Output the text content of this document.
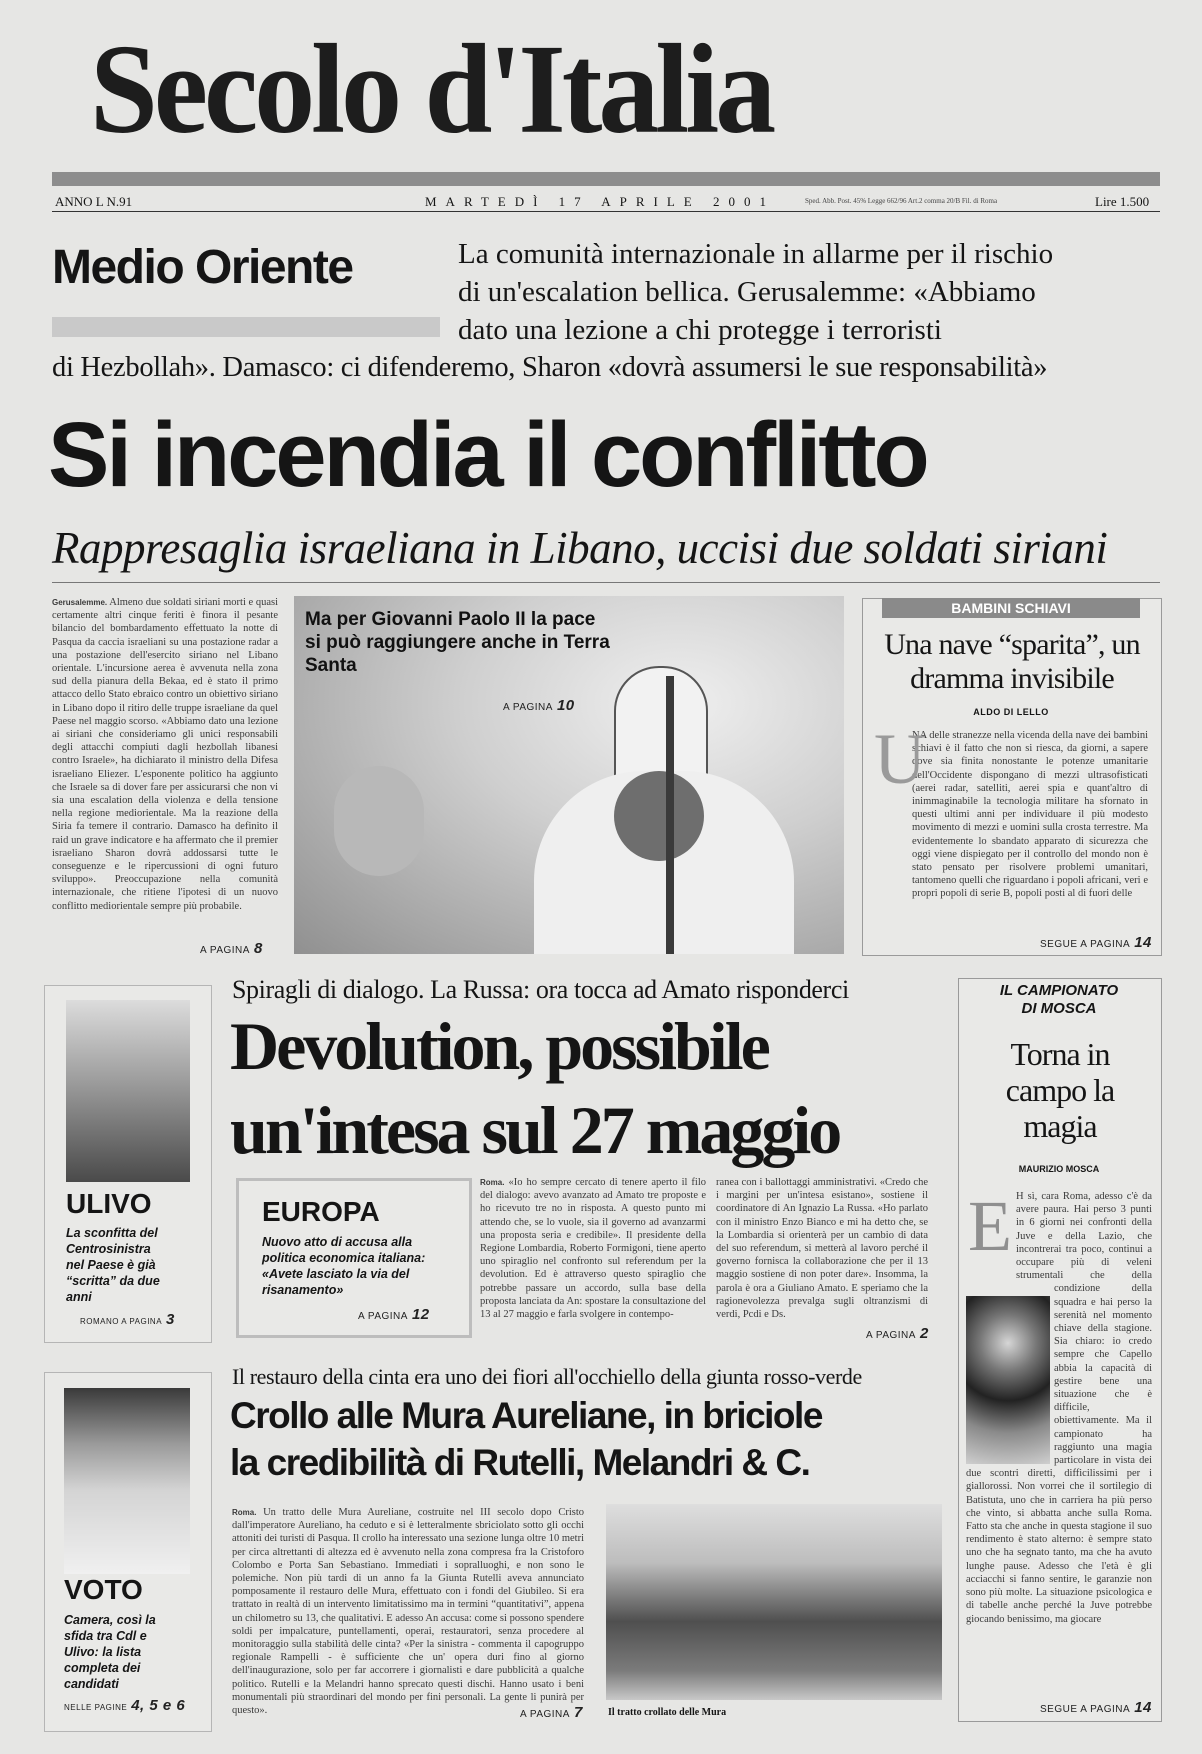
Secolo d'Italia
ANNO L N.91	MARTEDÌ 17 APRILE 2001	Sped. Abb. Post. 45% Legge 662/96 Art.2 comma 20/B Fil. di Roma	Lire 1.500
Medio Oriente	La comunità internazionale in allarme per il rischio
di un'escalation bellica. Gerusalemme: «Abbiamo
dato una lezione a chi protegge i terroristi
di Hezbollah». Damasco: ci difenderemo, Sharon «dovrà assumersi le sue responsabilità»
Si incendia il conflitto
Rappresaglia israeliana in Libano, uccisi due soldati siriani
Gerusalemme. Almeno due soldati siriani morti e quasi certamente altri cinque feriti è finora il pesante bilancio del bombardamento effettuato la notte di Pasqua da caccia israeliani su una postazione radar a una postazione dell'esercito siriano nel Libano orientale. L'incursione aerea è avvenuta nella zona sud della pianura della Bekaa, ed è stato il primo attacco dello Stato ebraico contro un obiettivo siriano in Libano dopo il ritiro delle truppe israeliane da quel Paese nel maggio scorso. «Abbiamo dato una lezione ai siriani che consideriamo gli unici responsabili degli attacchi compiuti dagli hezbollah libanesi contro Israele», ha dichiarato il ministro della Difesa israeliano Eliezer. L'esponente politico ha aggiunto che Israele sa di dover fare per assicurarsi che non vi sia una escalation della violenza e della tensione nella regione mediorientale. Ma la reazione della Siria fa temere il contrario. Damasco ha definito il raid un grave indicatore e ha affermato che il premier israeliano Sharon dovrà addossarsi tutte le conseguenze e le ripercussioni di ogni futuro sviluppo». Preoccupazione nella comunità internazionale, che ritiene l'ipotesi di un nuovo conflitto mediorientale sempre più probabile.
A PAGINA 8
Ma per Giovanni Paolo II la pace si può raggiungere anche in Terra Santa
A PAGINA 10
BAMBINI SCHIAVI
Una nave “sparita”, un dramma invisibile
ALDO DI LELLO
NA delle stranezze nella vicenda della nave dei bambini schiavi è il fatto che non si riesca, da giorni, a sapere dove sia finita nonostante le potenze umanitarie dell'Occidente dispongano di mezzi ultrasofisticati (aerei radar, satelliti, aerei spia e quant'altro di inimmaginabile la tecnologia militare ha sfornato in questi ultimi anni per individuare il più modesto movimento di mezzi e uomini sulla crosta terrestre. Ma evidentemente lo sbandato apparato di sicurezza che oggi viene dispiegato per il controllo del mondo non è stato pensato per risolvere problemi umanitari, tantomeno quelli che riguardano i popoli africani, veri e propri popoli di serie B, popoli posti al di fuori delle
U
SEGUE A PAGINA 14
ULIVO
La sconfitta del Centrosinistra nel Paese è già “scritta” da due anni
ROMANO A PAGINA 3
Spiragli di dialogo. La Russa: ora tocca ad Amato risponderci
Devolution, possibile
un'intesa sul 27 maggio
EUROPA
Nuovo atto di accusa alla politica economica italiana: «Avete lasciato la via del risanamento»
A PAGINA 12
Roma. «Io ho sempre cercato di tenere aperto il filo del dialogo: avevo avanzato ad Amato tre proposte e ho ricevuto tre no in risposta. A questo punto mi attendo che, se lo vuole, sia il governo ad avanzarmi una proposta seria e credibile». Il presidente della Regione Lombardia, Roberto Formigoni, tiene aperto uno spiraglio nel confronto sul referendum per la devolution. Ed è attraverso questo spiraglio che potrebbe passare un accordo, sulla base della proposta lanciata da An: spostare la consultazione del 13 al 27 maggio e farla svolgere in contempo-
ranea con i ballottaggi amministrativi. «Credo che i margini per un'intesa esistano», sostiene il coordinatore di An Ignazio La Russa. «Ho parlato con il ministro Enzo Bianco e mi ha detto che, se la Lombardia si orienterà per un cambio di data del suo referendum, si metterà al lavoro perché il governo fornisca la collaborazione che per il 13 maggio sostiene di non poter dare». Insomma, la parola è ora a Giuliano Amato. E speriamo che la ragionevolezza prevalga sugli oltranzismi di verdi, Pcdi e Ds.
A PAGINA 2
IL CAMPIONATO
DI MOSCA
Torna in campo la magia
MAURIZIO MOSCA
E H sì, cara Roma, adesso c'è da avere paura. Hai perso 3 punti in 6 giorni nei confronti della Juve e della Lazio, che incontrerai tra poco, continui a occupare più di veleni strumentali che della condizione della squadra e hai perso la serenità nel momento chiave della stagione. Sia chiaro: io credo sempre che Capello abbia la capacità di gestire bene una situazione che è difficile, obiettivamente. Ma il campionato ha raggiunto una magia particolare in vista dei due scontri diretti, difficilissimi per i giallorossi. Non vorrei che il sortilegio di Batistuta, uno che in carriera ha più perso che vinto, si abbatta anche sulla Roma. Fatto sta che anche in questa stagione il suo rendimento è stato alterno: è sempre stato uno che ha segnato tanto, ma che ha avuto lunghe pause. Adesso che l'età è gli acciacchi si fanno sentire, le garanzie non sono più molte. La situazione psicologica e di tabelle anche perché la Juve potrebbe giocando benissimo, ma giocare
SEGUE A PAGINA 14
VOTO
Camera, così la sfida tra Cdl e Ulivo: la lista completa dei candidati
NELLE PAGINE 4, 5 e 6
Il restauro della cinta era uno dei fiori all'occhiello della giunta rosso-verde
Crollo alle Mura Aureliane, in briciole
la credibilità di Rutelli, Melandri & C.
Roma. Un tratto delle Mura Aureliane, costruite nel III secolo dopo Cristo dall'imperatore Aureliano, ha ceduto e si è letteralmente sbriciolato sotto gli occhi attoniti dei turisti di Pasqua. Il crollo ha interessato una sezione lunga oltre 10 metri per circa altrettanti di altezza ed è avvenuto nella zona compresa fra la Cristoforo Colombo e Porta San Sebastiano. Immediati i sopralluoghi, e non sono le polemiche. Non più tardi di un anno fa la Giunta Rutelli aveva annunciato pomposamente il restauro delle Mura, effettuato con i fondi del Giubileo. Si era trattato in realtà di un intervento limitatissimo ma in termini “quantitativi”, appena un chilometro su 13, che qualitativi. E adesso An accusa: come si possono spendere soldi per impalcature, puntellamenti, operai, restauratori, senza procedere al monitoraggio sulla stabilità delle cinta? «Per la sinistra - commenta il capogruppo regionale Rampelli - è sufficiente che un' opera duri fino al giorno dell'inaugurazione, solo per far accorrere i giornalisti e dare pubblicità a qualche politico. Rutelli e la Melandri hanno sprecato questi dischi. Hanno usato i beni monumentali più straordinari del mondo per fini personali. La gente li punirà per questo».	A PAGINA 7	Il tratto crollato delle Mura
